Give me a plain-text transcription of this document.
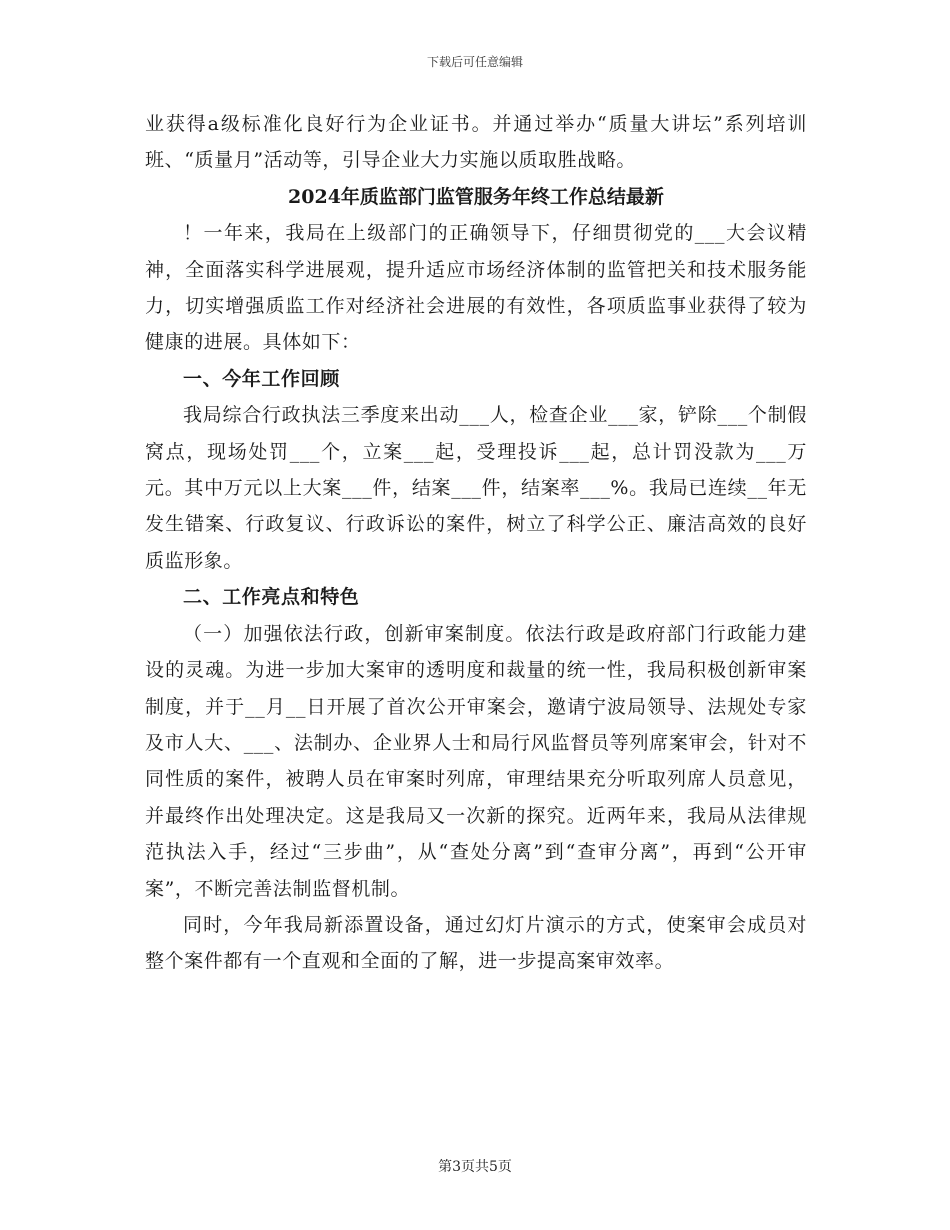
下载后可任意编辑

业获得a级标准化良好行为企业证书。并通过举办“质量大讲坛”系列培训班、“质量月”活动等，引导企业大力实施以质取胜战略。

2024年质监部门监管服务年终工作总结最新

！一年来，我局在上级部门的正确领导下，仔细贯彻党的___大会议精神，全面落实科学进展观，提升适应市场经济体制的监管把关和技术服务能力，切实增强质监工作对经济社会进展的有效性，各项质监事业获得了较为健康的进展。具体如下：

一、今年工作回顾

我局综合行政执法三季度来出动___人，检查企业___家，铲除___个制假窝点，现场处罚___个，立案___起，受理投诉___起，总计罚没款为___万元。其中万元以上大案___件，结案___件，结案率___%。我局已连续__年无发生错案、行政复议、行政诉讼的案件，树立了科学公正、廉洁高效的良好质监形象。

二、工作亮点和特色

（一）加强依法行政，创新审案制度。依法行政是政府部门行政能力建设的灵魂。为进一步加大案审的透明度和裁量的统一性，我局积极创新审案制度，并于__月__日开展了首次公开审案会，邀请宁波局领导、法规处专家及市人大、___、法制办、企业界人士和局行风监督员等列席案审会，针对不同性质的案件，被聘人员在审案时列席，审理结果充分听取列席人员意见，并最终作出处理决定。这是我局又一次新的探究。近两年来，我局从法律规范执法入手，经过“三步曲”，从“查处分离”到“查审分离”，再到“公开审案”，不断完善法制监督机制。

同时，今年我局新添置设备，通过幻灯片演示的方式，使案审会成员对整个案件都有一个直观和全面的了解，进一步提高案审效率。

第3页共5页
